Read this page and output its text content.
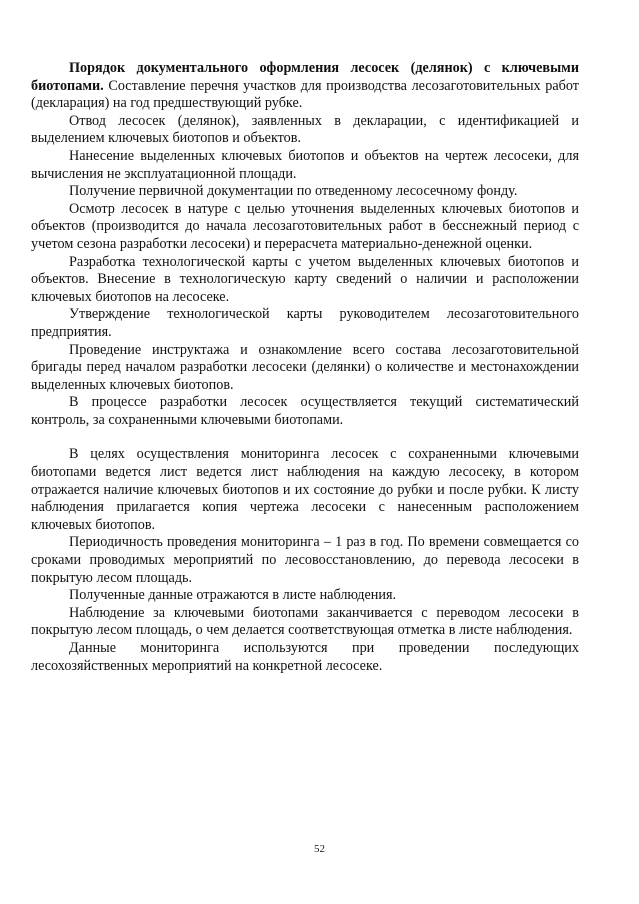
Порядок документального оформления лесосек (делянок) с ключевыми биотопами. Составление перечня участков для производства лесозаготовительных работ (декларация) на год предшествующий рубке.

Отвод лесосек (делянок), заявленных в декларации, с идентификацией и выделением ключевых биотопов и объектов.

Нанесение выделенных ключевых биотопов и объектов на чертеж лесосеки, для вычисления не эксплуатационной площади.

Получение первичной документации по отведенному лесосечному фонду.

Осмотр лесосек в натуре с целью уточнения выделенных ключевых биотопов и объектов (производится до начала лесозаготовительных работ в бесснежный период с учетом сезона разработки лесосеки) и перерасчета материально-денежной оценки.

Разработка технологической карты с учетом выделенных ключевых биотопов и объектов. Внесение в технологическую карту сведений о наличии и расположении ключевых биотопов на лесосеке.

Утверждение технологической карты руководителем лесозаготовительного предприятия.

Проведение инструктажа и ознакомление всего состава лесозаготовительной бригады перед началом разработки лесосеки (делянки) о количестве и местонахождении выделенных ключевых биотопов.

В процессе разработки лесосек осуществляется текущий систематический контроль, за сохраненными ключевыми биотопами.

В целях осуществления мониторинга лесосек с сохраненными ключевыми биотопами ведется лист ведется лист наблюдения на каждую лесосеку, в котором отражается наличие ключевых биотопов и их состояние до рубки и после рубки. К листу наблюдения прилагается копия чертежа лесосеки с нанесенным расположением ключевых биотопов.

Периодичность проведения мониторинга – 1 раз в год. По времени совмещается со сроками проводимых мероприятий по лесовосстановлению, до перевода лесосеки в покрытую лесом площадь.

Полученные данные отражаются в листе наблюдения.

Наблюдение за ключевыми биотопами заканчивается с переводом лесосеки в покрытую лесом площадь, о чем делается соответствующая отметка в листе наблюдения.

Данные мониторинга используются при проведении последующих лесохозяйственных мероприятий на конкретной лесосеке.

52
